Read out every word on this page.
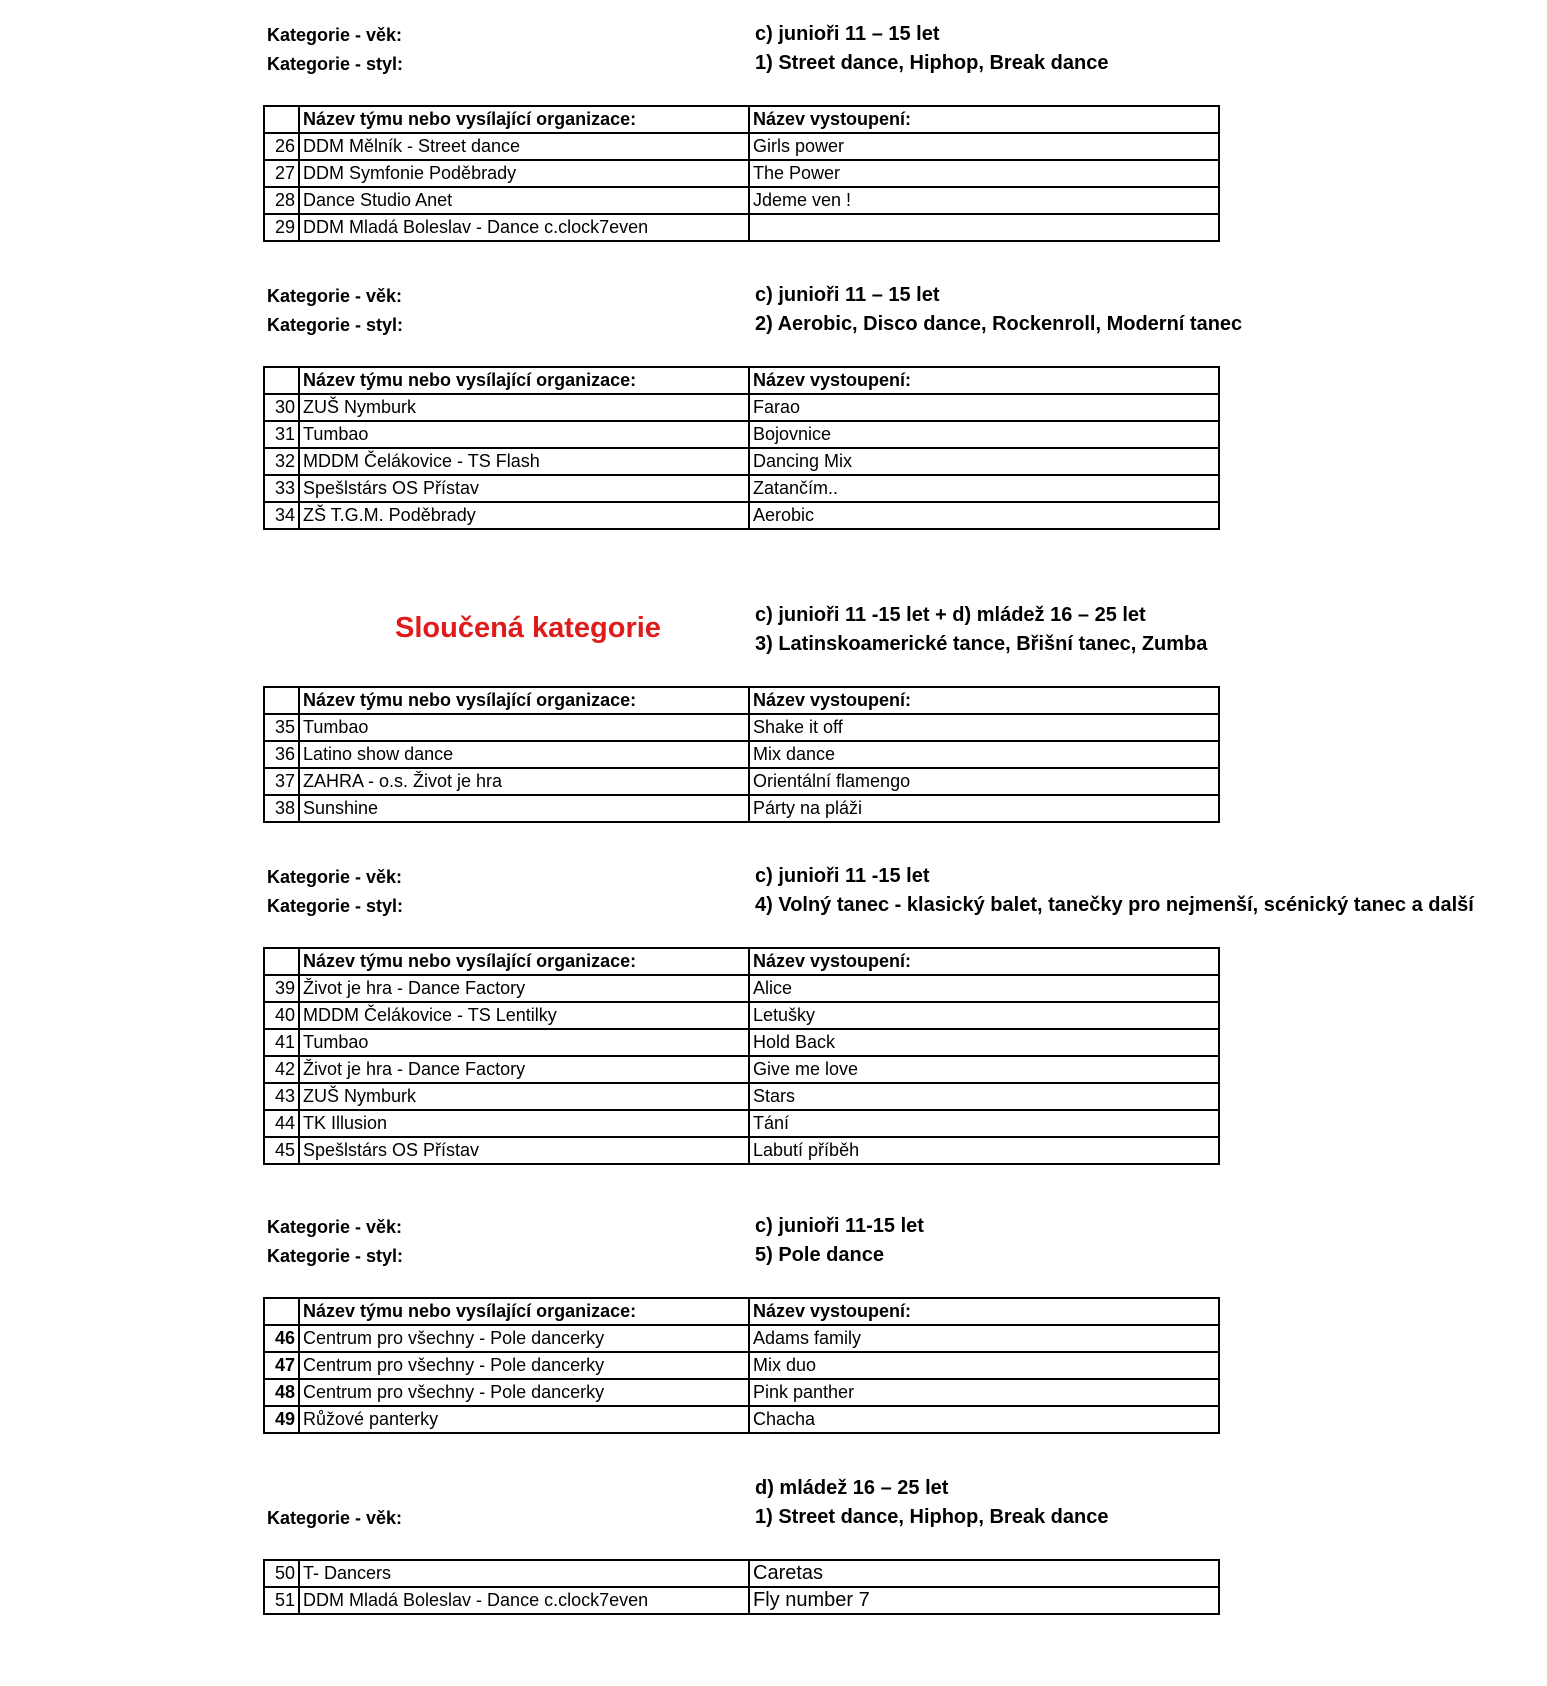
Kategorie - věk:	c) junioři 11 – 15 let
Kategorie - styl:	1) Street dance, Hiphop, Break dance
	Název týmu nebo vysílající organizace:	Název vystoupení:
26	DDM Mělník - Street dance	Girls power
27	DDM Symfonie Poděbrady	The Power
28	Dance Studio Anet	Jdeme ven !
29	DDM Mladá Boleslav - Dance c.clock7even	
Kategorie - věk:	c) junioři 11 – 15 let
Kategorie - styl:	2) Aerobic, Disco dance, Rockenroll, Moderní tanec
	Název týmu nebo vysílající organizace:	Název vystoupení:
30	ZUŠ Nymburk	Farao
31	Tumbao	Bojovnice
32	MDDM Čelákovice - TS Flash	Dancing Mix
33	Spešlstárs OS Přístav	Zatančím..
34	ZŠ T.G.M. Poděbrady	Aerobic
Sloučená kategorie	c) junioři 11 -15 let + d) mládež 16 – 25 let
3) Latinskoamerické tance, Břišní tanec, Zumba
	Název týmu nebo vysílající organizace:	Název vystoupení:
35	Tumbao	Shake it off
36	Latino show dance	Mix dance
37	ZAHRA - o.s. Život je hra	Orientální flamengo
38	Sunshine	Párty na pláži
Kategorie - věk:	c) junioři 11 -15 let
Kategorie - styl:	4) Volný tanec - klasický balet, tanečky pro nejmenší, scénický tanec a další
	Název týmu nebo vysílající organizace:	Název vystoupení:
39	Život je hra - Dance Factory	Alice
40	MDDM Čelákovice - TS Lentilky	Letušky
41	Tumbao	Hold Back
42	Život je hra - Dance Factory	Give me love
43	ZUŠ Nymburk	Stars
44	TK Illusion	Tání
45	Spešlstárs OS Přístav	Labutí příběh
Kategorie - věk:	c) junioři 11-15 let
Kategorie - styl:	5) Pole dance
	Název týmu nebo vysílající organizace:	Název vystoupení:
46	Centrum pro všechny - Pole dancerky	Adams family
47	Centrum pro všechny - Pole dancerky	Mix duo
48	Centrum pro všechny - Pole dancerky	Pink panther
49	Růžové panterky	Chacha
d) mládež 16 – 25 let
Kategorie - věk:	1) Street dance, Hiphop, Break dance
50	T- Dancers	Caretas
51	DDM Mladá Boleslav - Dance c.clock7even	Fly number 7
